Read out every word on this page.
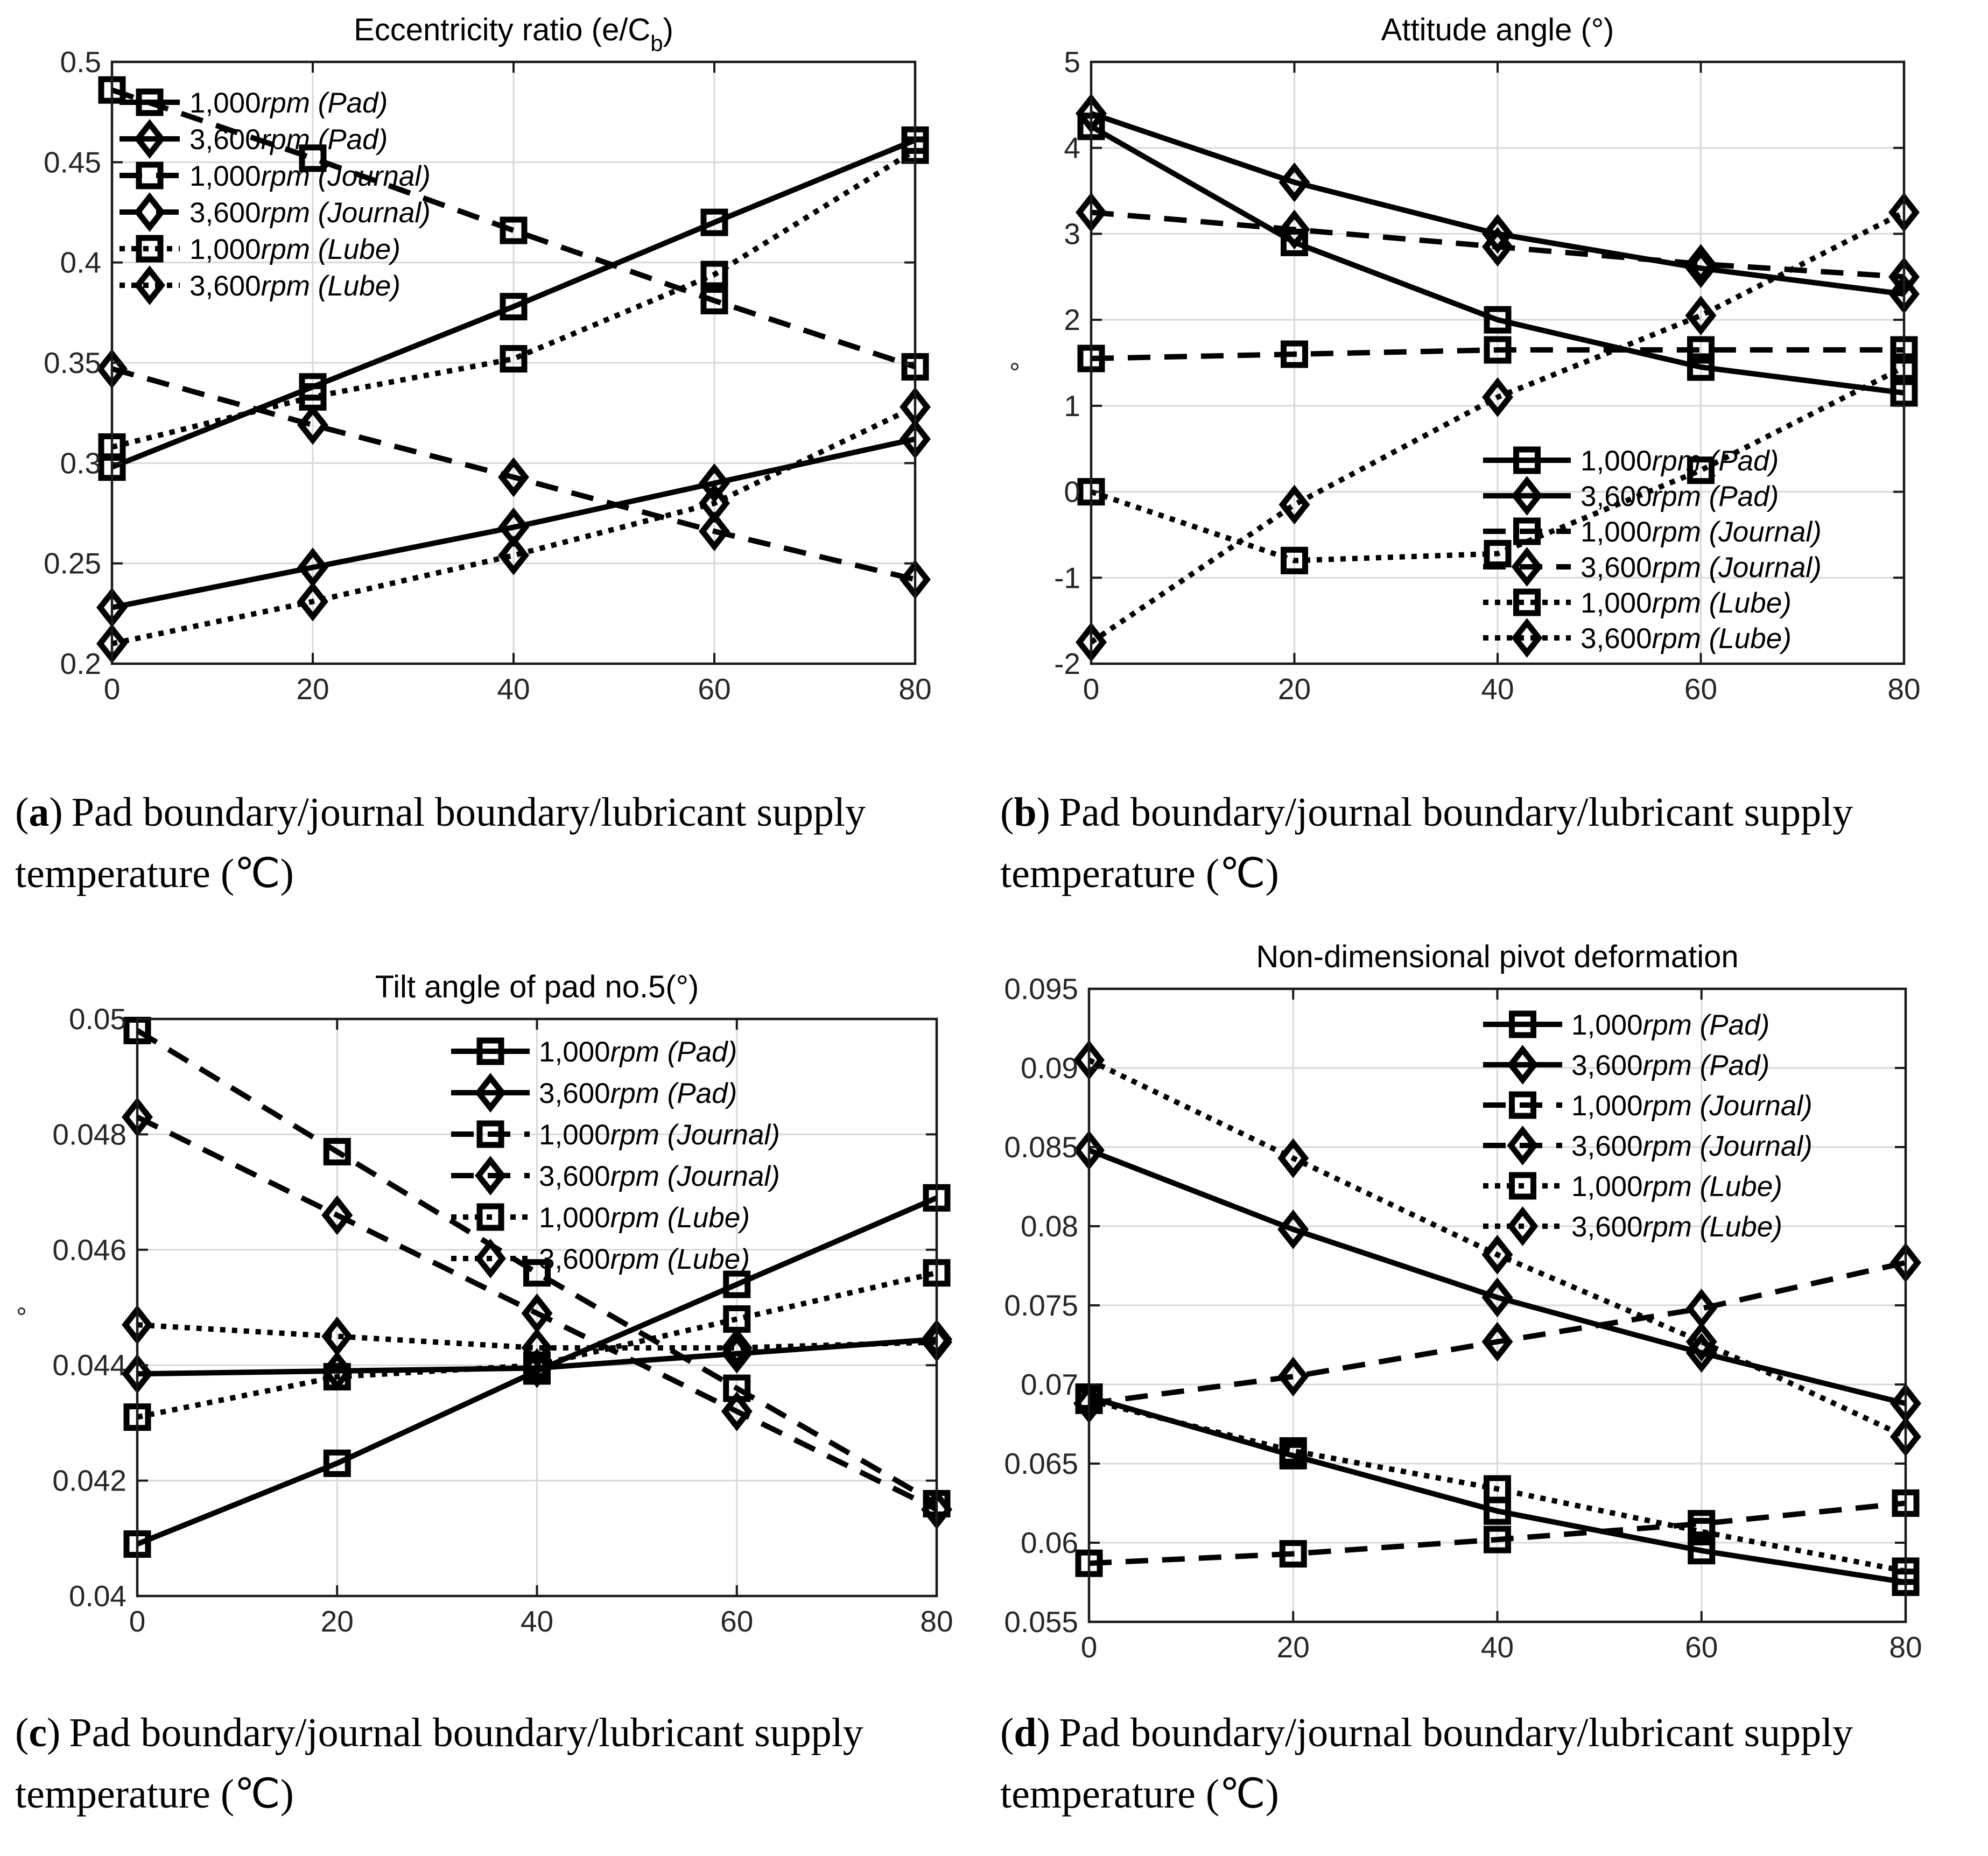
0	20	40	60	80
0.2
0.25
0.3
0.35
0.4
0.45
0.5
Eccentricity ratio $(e/C_b)$
1,000rpm (Pad)
3,600rpm (Pad)
1,000rpm (Journal)
3,600rpm (Journal)
1,000rpm (Lube)
3,600rpm (Lube)
0	20	40	60	80
-2
-1
0
1
2
3
4
5
°
Attitude angle (°)
1,000rpm (Pad)
3,600rpm (Pad)
1,000rpm (Journal)
3,600rpm (Journal)
1,000rpm (Lube)
3,600rpm (Lube)
0	20	40	60	80
0.04
0.042
0.044
0.046
0.048
0.05
°
Tilt angle of pad no.5(°)
1,000rpm (Pad)
3,600rpm (Pad)
1,000rpm (Journal)
3,600rpm (Journal)
1,000rpm (Lube)
3,600rpm (Lube)
0	20	40	60	80
0.055
0.06
0.065
0.07
0.075
0.08
0.085
0.09
0.095
Non-dimensional pivot deformation
1,000rpm (Pad)
3,600rpm (Pad)
1,000rpm (Journal)
3,600rpm (Journal)
1,000rpm (Lube)
3,600rpm (Lube)
(a) Pad boundary/journal boundary/lubricant supply
temperature (℃)
(b) Pad boundary/journal boundary/lubricant supply
temperature (℃)
(c) Pad boundary/journal boundary/lubricant supply
temperature (℃)
(d) Pad boundary/journal boundary/lubricant supply
temperature (℃)
